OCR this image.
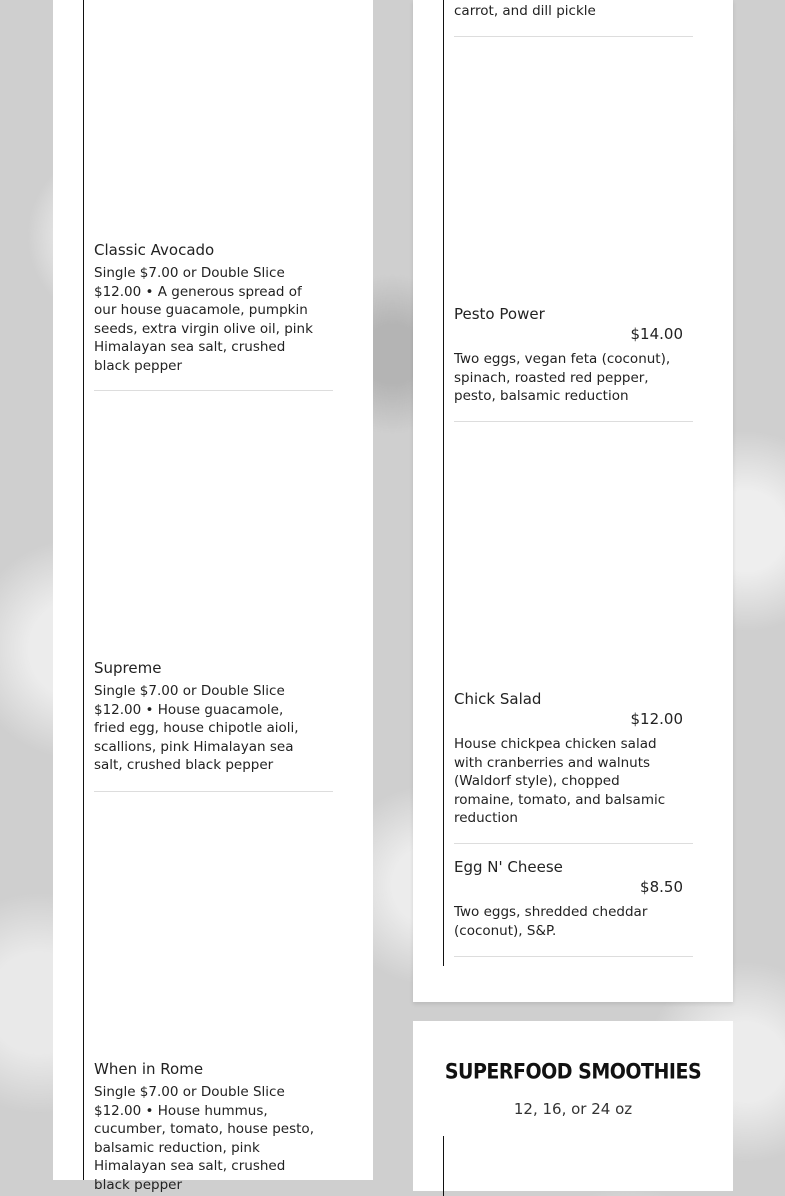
Classic Avocado
Single $7.00 or Double Slice $12.00 • A generous spread of our house guacamole, pumpkin seeds, extra virgin olive oil, pink Himalayan sea salt, crushed black pepper
Supreme
Single $7.00 or Double Slice $12.00 • House guacamole, fried egg, house chipotle aioli, scallions, pink Himalayan sea salt, crushed black pepper
When in Rome
Single $7.00 or Double Slice $12.00 • House hummus, cucumber, tomato, house pesto, balsamic reduction, pink Himalayan sea salt, crushed black pepper
carrot, and dill pickle
Pesto Power
$14.00
Two eggs, vegan feta (coconut), spinach, roasted red pepper, pesto, balsamic reduction
Chick Salad
$12.00
House chickpea chicken salad with cranberries and walnuts (Waldorf style), chopped romaine, tomato, and balsamic reduction
Egg N' Cheese
$8.50
Two eggs, shredded cheddar (coconut), S&P.
SUPERFOOD SMOOTHIES
12, 16, or 24 oz
